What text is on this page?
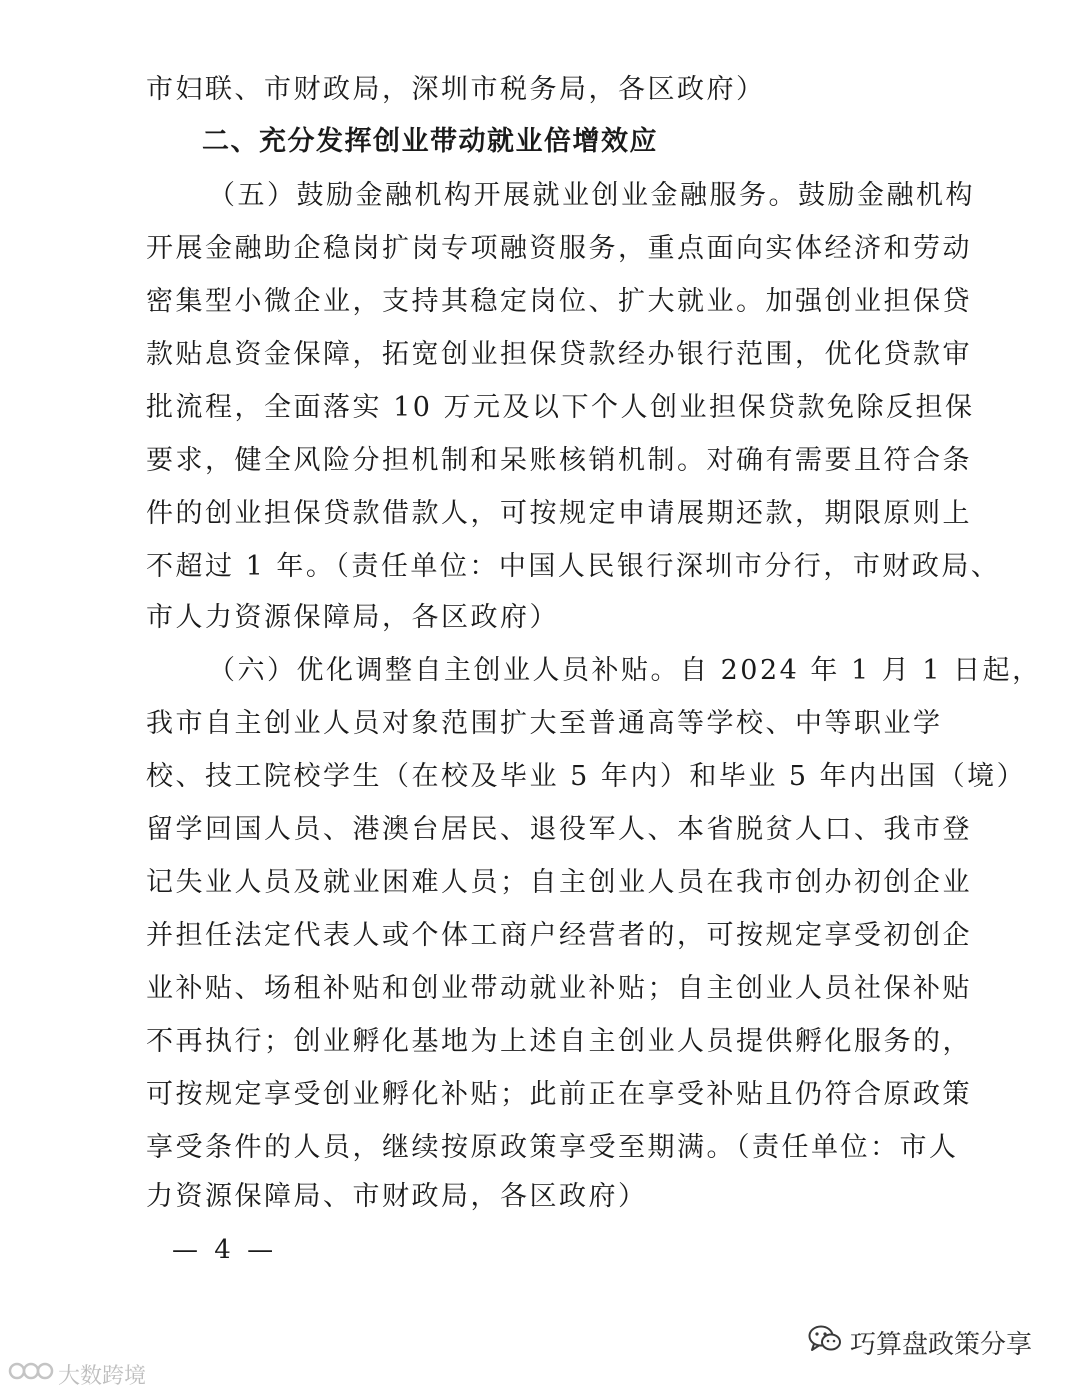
市妇联、市财政局，深圳市税务局，各区政府）
二、充分发挥创业带动就业倍增效应
（五）鼓励金融机构开展就业创业金融服务。鼓励金融机构
开展金融助企稳岗扩岗专项融资服务，重点面向实体经济和劳动
密集型小微企业，支持其稳定岗位、扩大就业。加强创业担保贷
款贴息资金保障，拓宽创业担保贷款经办银行范围，优化贷款审
批流程，全面落实 10 万元及以下个人创业担保贷款免除反担保
要求，健全风险分担机制和呆账核销机制。对确有需要且符合条
件的创业担保贷款借款人，可按规定申请展期还款，期限原则上
不超过 1 年。（责任单位：中国人民银行深圳市分行，市财政局、
市人力资源保障局，各区政府）
（六）优化调整自主创业人员补贴。自 2024 年 1 月 1 日起，
我市自主创业人员对象范围扩大至普通高等学校、中等职业学
校、技工院校学生（在校及毕业 5 年内）和毕业 5 年内出国（境）
留学回国人员、港澳台居民、退役军人、本省脱贫人口、我市登
记失业人员及就业困难人员；自主创业人员在我市创办初创企业
并担任法定代表人或个体工商户经营者的，可按规定享受初创企
业补贴、场租补贴和创业带动就业补贴；自主创业人员社保补贴
不再执行；创业孵化基地为上述自主创业人员提供孵化服务的，
可按规定享受创业孵化补贴；此前正在享受补贴且仍符合原政策
享受条件的人员，继续按原政策享受至期满。（责任单位：市人
力资源保障局、市财政局，各区政府）
— 4 —
巧算盘政策分享
大数跨境
